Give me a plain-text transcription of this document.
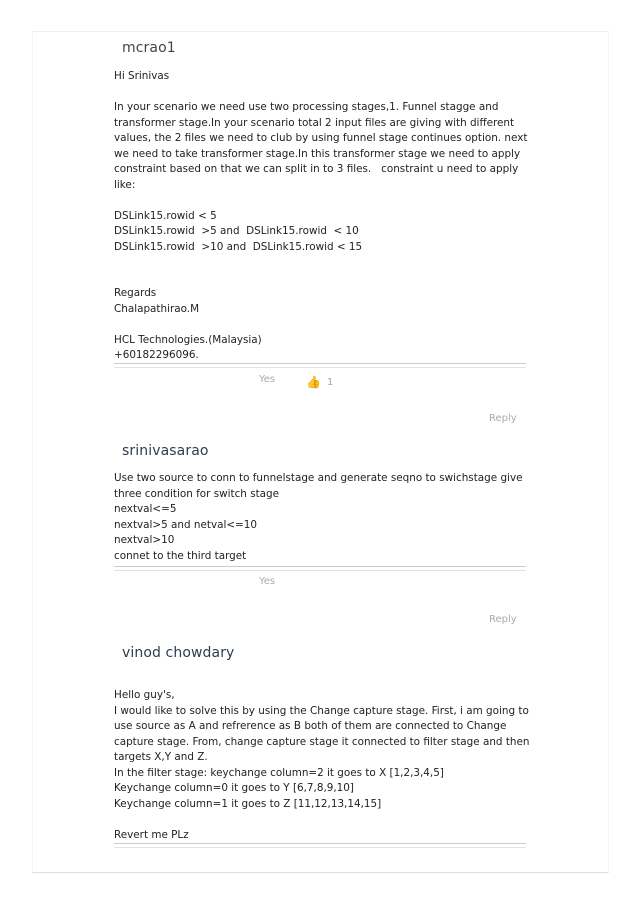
mcrao1
Hi Srinivas
In your scenario we need use two processing stages,1. Funnel stagge and
transformer stage.In your scenario total 2 input files are giving with different
values, the 2 files we need to club by using funnel stage continues option. next
we need to take transformer stage.In this transformer stage we need to apply
constraint based on that we can split in to 3 files.   constraint u need to apply
like:
DSLink15.rowid < 5
DSLink15.rowid  >5 and  DSLink15.rowid  < 10
DSLink15.rowid  >10 and  DSLink15.rowid < 15
Regards
Chalapathirao.M
HCL Technologies.(Malaysia)
+60182296096.
Yes	👍 1
Reply
srinivasarao
Use two source to conn to funnelstage and generate seqno to swichstage give
three condition for switch stage
nextval<=5
nextval>5 and netval<=10
nextval>10
connet to the third target
Yes
Reply
vinod chowdary
Hello guy's,
I would like to solve this by using the Change capture stage. First, i am going to
use source as A and refrerence as B both of them are connected to Change
capture stage. From, change capture stage it connected to filter stage and then
targets X,Y and Z.
In the filter stage: keychange column=2 it goes to X [1,2,3,4,5]
Keychange column=0 it goes to Y [6,7,8,9,10]
Keychange column=1 it goes to Z [11,12,13,14,15]
Revert me PLz
